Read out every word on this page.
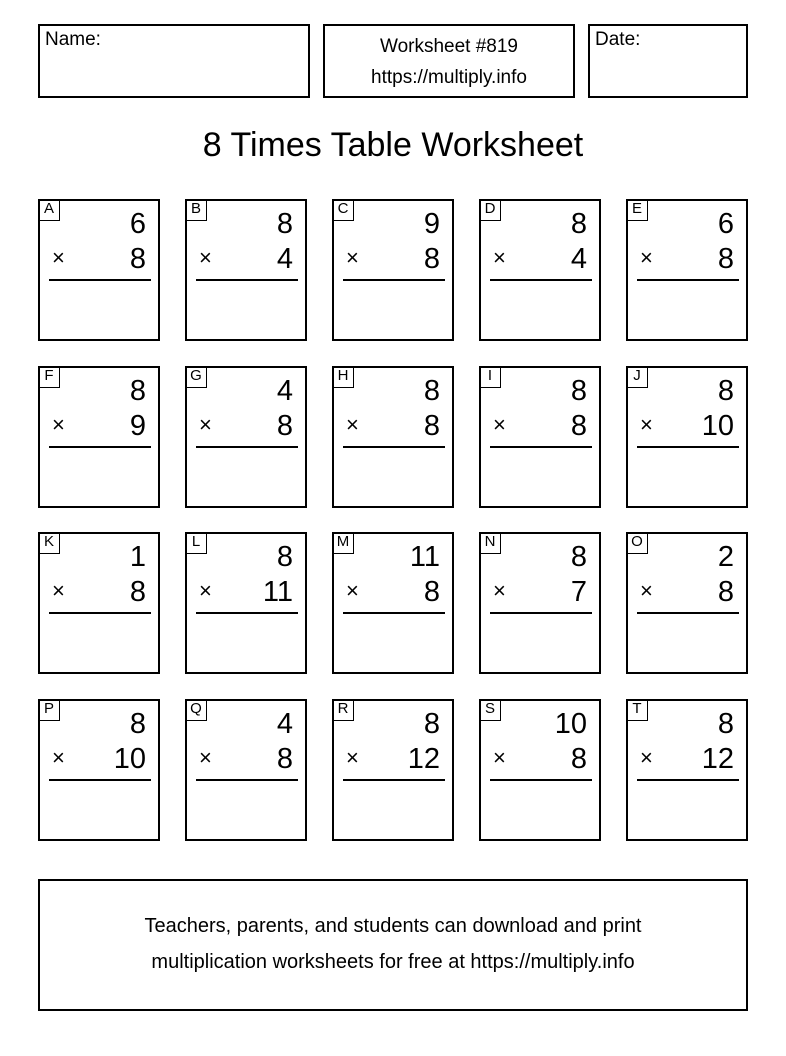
Name:	Worksheet #819
https://multiply.info
Date:
8 Times Table Worksheet
A	6
× 8
B	8
× 4
C	9
× 8
D	8
× 4
E	6
× 8
F	8
× 9
G	4
× 8
H	8
× 8
I	8
× 8
J	8
× 10
K	1
× 8
L	8
× 11
M 11
× 8
N	8
× 7
O	2
× 8
P	8
× 10
Q	4
× 8
R	8
× 12
S 10
× 8
T	8
× 12
Teachers, parents, and students can download and print
multiplication worksheets for free at https://multiply.info
